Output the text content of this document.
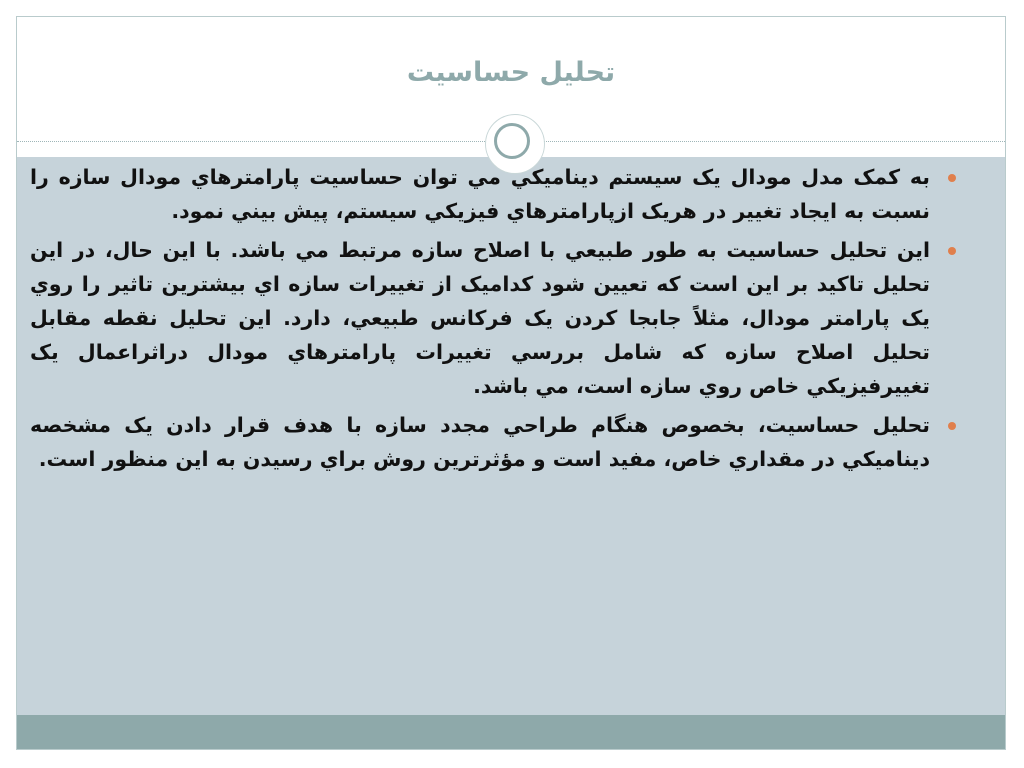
تحليل حساسيت
به کمک مدل مودال يک سيستم ديناميکي مي توان حساسيت پارامترهاي مودال سازه را نسبت به ايجاد تغيير در هريک ازپارامترهاي فيزيکي سيستم، پيش بيني نمود.
اين تحليل حساسيت به طور طبيعي با اصلاح سازه مرتبط مي باشد. با اين حال، در اين تحليل تاکيد بر اين است که تعيين شود کداميک از تغييرات سازه اي بيشترين تاثير را روي يک پارامتر مودال، مثلاً جابجا کردن يک فرکانس طبيعي، دارد. اين تحليل نقطه مقابل تحليل اصلاح سازه که شامل بررسي تغييرات پارامترهاي مودال دراثراعمال يک تغييرفيزيکي خاص روي سازه است، مي باشد.
تحليل حساسيت، بخصوص هنگام طراحي مجدد سازه با هدف قرار دادن يک مشخصه ديناميکي در مقداري خاص، مفيد است و مؤثرترين روش براي رسيدن به اين منظور است.
